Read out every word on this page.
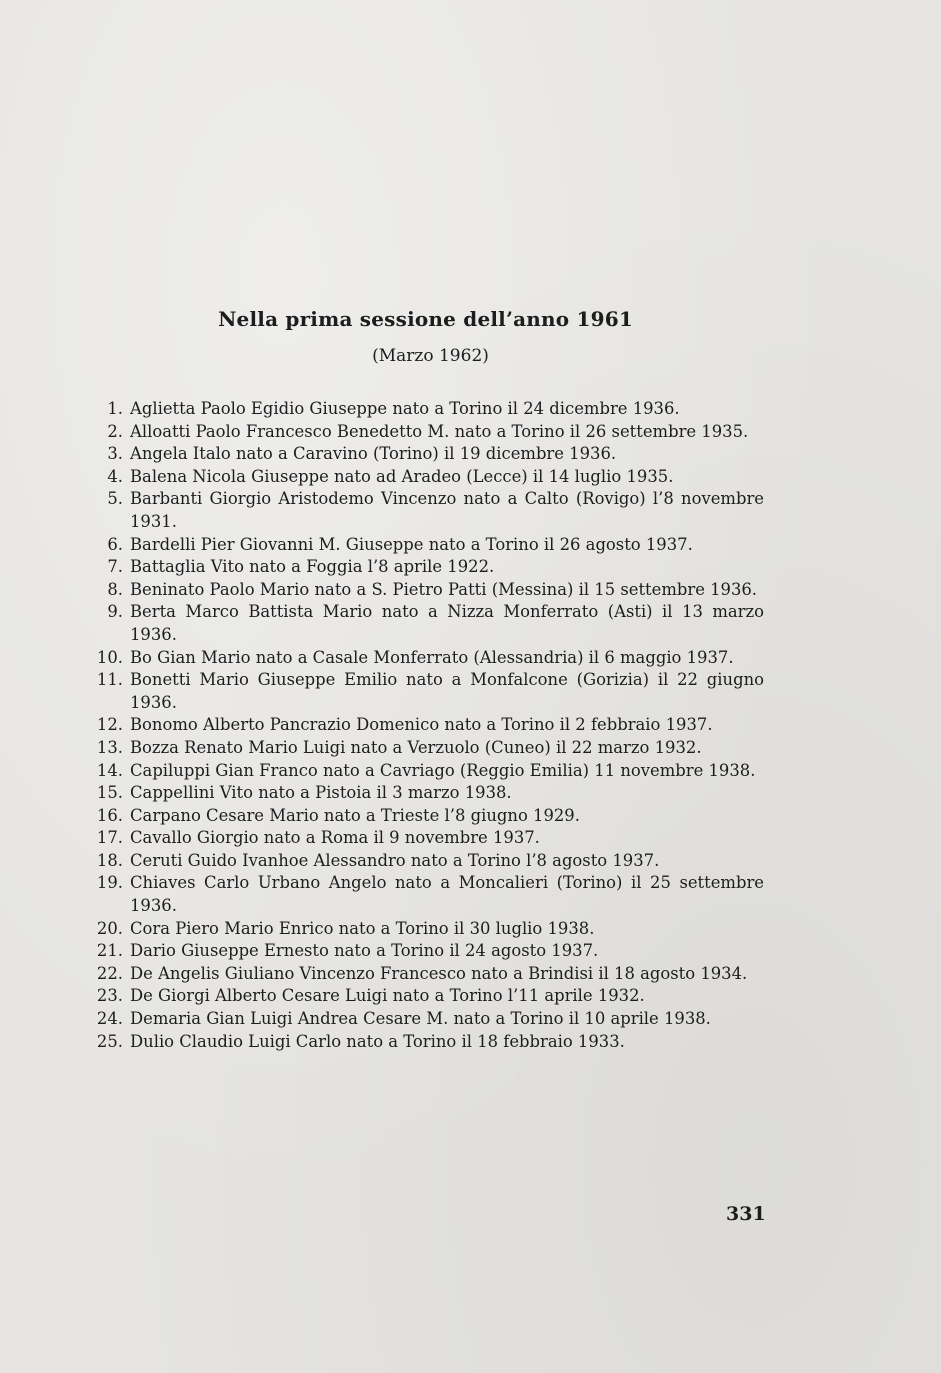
Nella prima sessione dell’anno 1961
(Marzo 1962)
1. Aglietta Paolo Egidio Giuseppe nato a Torino il 24 dicembre 1936.
2. Alloatti Paolo Francesco Benedetto M. nato a Torino il 26 settembre 1935.
3. Angela Italo nato a Caravino (Torino) il 19 dicembre 1936.
4. Balena Nicola Giuseppe nato ad Aradeo (Lecce) il 14 luglio 1935.
5. Barbanti Giorgio Aristodemo Vincenzo nato a Calto (Rovigo) l’8 novembre 1931.
6. Bardelli Pier Giovanni M. Giuseppe nato a Torino il 26 agosto 1937.
7. Battaglia Vito nato a Foggia l’8 aprile 1922.
8. Beninato Paolo Mario nato a S. Pietro Patti (Messina) il 15 settembre 1936.
9. Berta Marco Battista Mario nato a Nizza Monferrato (Asti) il 13 marzo 1936.
10. Bo Gian Mario nato a Casale Monferrato (Alessandria) il 6 maggio 1937.
11. Bonetti Mario Giuseppe Emilio nato a Monfalcone (Gorizia) il 22 giugno 1936.
12. Bonomo Alberto Pancrazio Domenico nato a Torino il 2 febbraio 1937.
13. Bozza Renato Mario Luigi nato a Verzuolo (Cuneo) il 22 marzo 1932.
14. Capiluppi Gian Franco nato a Cavriago (Reggio Emilia) 11 novembre 1938.
15. Cappellini Vito nato a Pistoia il 3 marzo 1938.
16. Carpano Cesare Mario nato a Trieste l’8 giugno 1929.
17. Cavallo Giorgio nato a Roma il 9 novembre 1937.
18. Ceruti Guido Ivanhoe Alessandro nato a Torino l’8 agosto 1937.
19. Chiaves Carlo Urbano Angelo nato a Moncalieri (Torino) il 25 settembre 1936.
20. Cora Piero Mario Enrico nato a Torino il 30 luglio 1938.
21. Dario Giuseppe Ernesto nato a Torino il 24 agosto 1937.
22. De Angelis Giuliano Vincenzo Francesco nato a Brindisi il 18 agosto 1934.
23. De Giorgi Alberto Cesare Luigi nato a Torino l’11 aprile 1932.
24. Demaria Gian Luigi Andrea Cesare M. nato a Torino il 10 aprile 1938.
25. Dulio Claudio Luigi Carlo nato a Torino il 18 febbraio 1933.
331
